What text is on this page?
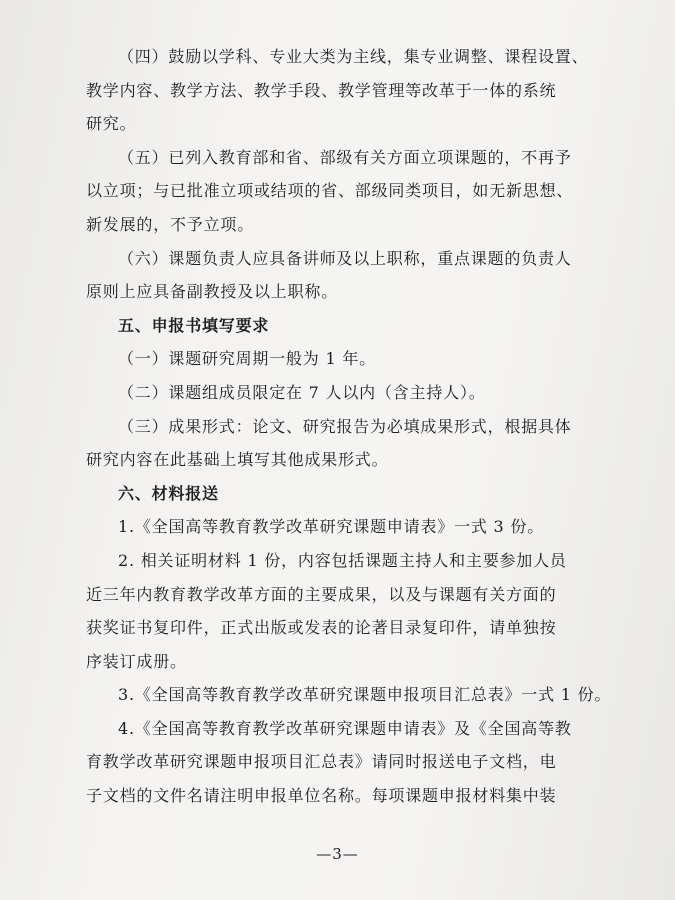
（四）鼓励以学科、专业大类为主线，集专业调整、课程设置、
教学内容、教学方法、教学手段、教学管理等改革于一体的系统
研究。
（五）已列入教育部和省、部级有关方面立项课题的，不再予
以立项；与已批准立项或结项的省、部级同类项目，如无新思想、
新发展的，不予立项。
（六）课题负责人应具备讲师及以上职称，重点课题的负责人
原则上应具备副教授及以上职称。
五、申报书填写要求
（一）课题研究周期一般为 1 年。
（二）课题组成员限定在 7 人以内（含主持人）。
（三）成果形式：论文、研究报告为必填成果形式，根据具体
研究内容在此基础上填写其他成果形式。
六、材料报送
1.《全国高等教育教学改革研究课题申请表》一式 3 份。
2. 相关证明材料 1 份，内容包括课题主持人和主要参加人员
近三年内教育教学改革方面的主要成果，以及与课题有关方面的
获奖证书复印件，正式出版或发表的论著目录复印件，请单独按
序装订成册。
3.《全国高等教育教学改革研究课题申报项目汇总表》一式 1 份。
4.《全国高等教育教学改革研究课题申请表》及《全国高等教
育教学改革研究课题申报项目汇总表》请同时报送电子文档，电
子文档的文件名请注明申报单位名称。每项课题申报材料集中装
—3—
